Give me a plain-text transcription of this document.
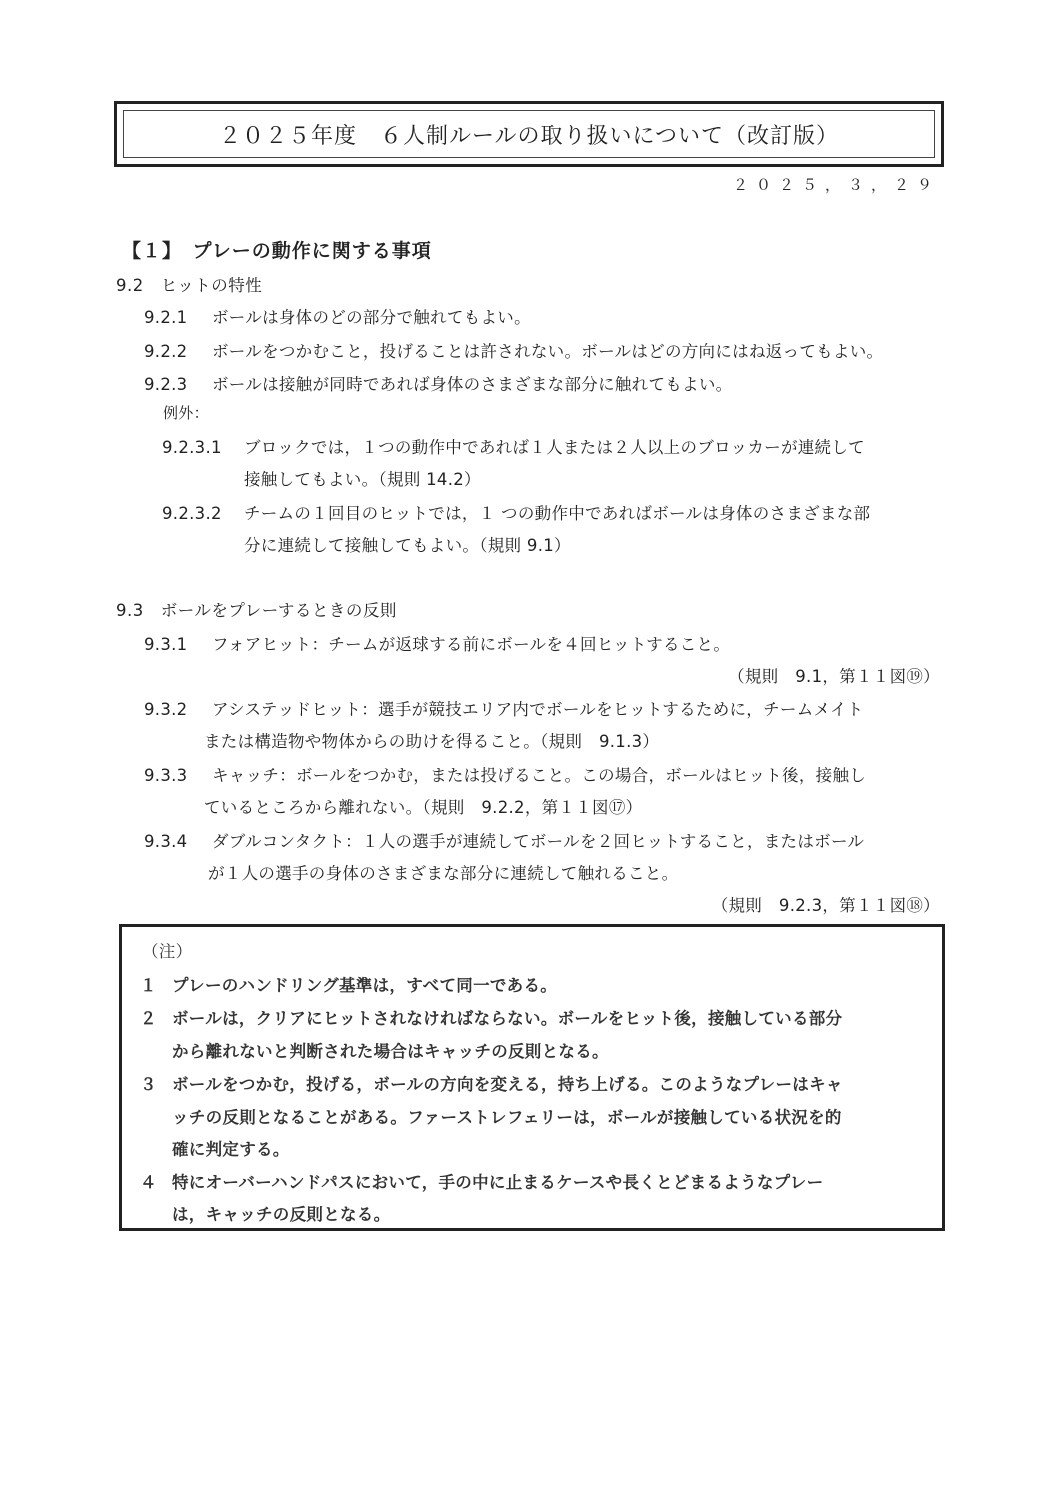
２０２５年度　６人制ルールの取り扱いについて（改訂版）
２０２５，３，２９
【１】　プレーの動作に関する事項
9.2　ヒットの特性
9.2.1 ボールは身体のどの部分で触れてもよい。
9.2.2 ボールをつかむこと，投げることは許されない。ボールはどの方向にはね返ってもよい。
9.2.3 ボールは接触が同時であれば身体のさまざまな部分に触れてもよい。
例外：
9.2.3.1 ブロックでは，１つの動作中であれば１人または２人以上のブロッカーが連続して
接触してもよい。（規則 14.2）
9.2.3.2 チームの１回目のヒットでは，１ つの動作中であればボールは身体のさまざまな部
分に連続して接触してもよい。（規則 9.1）
9.3　ボールをプレーするときの反則
9.3.1 フォアヒット：チームが返球する前にボールを４回ヒットすること。
（規則　9.1，第１１図⑲）
9.3.2 アシステッドヒット：選手が競技エリア内でボールをヒットするために，チームメイト
または構造物や物体からの助けを得ること。（規則　9.1.3）
9.3.3 キャッチ：ボールをつかむ，または投げること。この場合，ボールはヒット後，接触し
ているところから離れない。（規則　9.2.2，第１１図⑰）
9.3.4 ダブルコンタクト：１人の選手が連続してボールを２回ヒットすること，またはボール
が１人の選手の身体のさまざまな部分に連続して触れること。
（規則　9.2.3，第１１図⑱）
（注）
１ プレーのハンドリング基準は，すべて同一である。
２ ボールは，クリアにヒットされなければならない。ボールをヒット後，接触している部分
から離れないと判断された場合はキャッチの反則となる。
３ ボールをつかむ，投げる，ボールの方向を変える，持ち上げる。このようなプレーはキャ
ッチの反則となることがある。ファーストレフェリーは，ボールが接触している状況を的
確に判定する。
４ 特にオーバーハンドパスにおいて，手の中に止まるケースや長くとどまるようなプレー
は，キャッチの反則となる。
